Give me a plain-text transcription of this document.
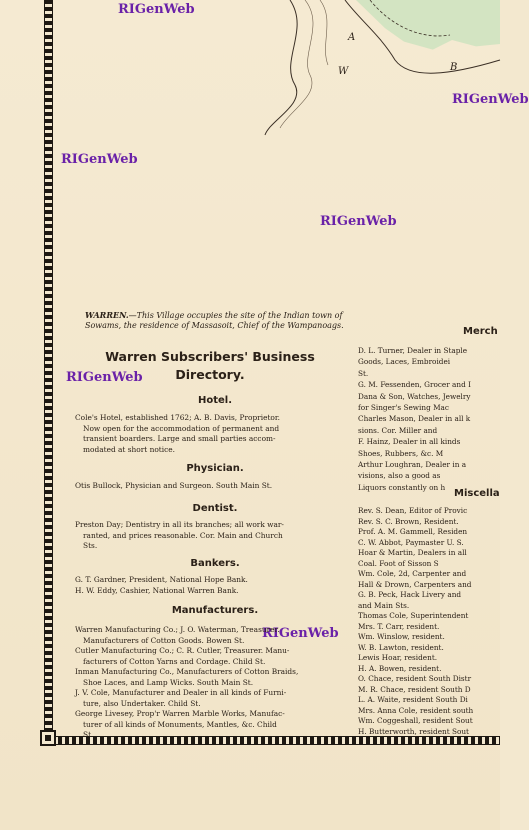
W
A
B
RIGenWeb
RIGenWeb
RIGenWeb
RIGenWeb
RIGenWeb
RIGenWeb
WARREN.—This Village occupies the site of the Indian town of Sowams, the residence of Massasoit, Chief of the Wampanoags.
Warren Subscribers' Business
Directory.
Hotel.
Cole's Hotel, established 1762; A. B. Davis, Proprietor.
Now open for the accommodation of permanent and
transient boarders. Large and small parties accom-
modated at short notice.
Physician.
Otis Bullock, Physician and Surgeon. South Main St.
Dentist.
Preston Day; Dentistry in all its branches; all work war-
ranted, and prices reasonable. Cor. Main and Church
Sts.
Bankers.
G. T. Gardner, President, National Hope Bank.
H. W. Eddy, Cashier, National Warren Bank.
Manufacturers.
Warren Manufacturing Co.; J. O. Waterman, Treasurer.
Manufacturers of Cotton Goods. Bowen St.
Cutler Manufacturing Co.; C. R. Cutler, Treasurer. Manu-
facturers of Cotton Yarns and Cordage. Child St.
Inman Manufacturing Co., Manufacturers of Cotton Braids,
Shoe Laces, and Lamp Wicks. South Main St.
J. V. Cole, Manufacturer and Dealer in all kinds of Furni-
ture, also Undertaker. Child St.
George Livesey, Prop'r Warren Marble Works, Manufac-
turer of all kinds of Monuments, Mantles, &c. Child
St.
Merch
D. L. Turner, Dealer in Staple
Goods, Laces, Embroidei
St.
G. M. Fessenden, Grocer and I
Dana & Son, Watches, Jewelry
for Singer's Sewing Mac
Charles Mason, Dealer in all k
sions. Cor. Miller and
F. Hainz, Dealer in all kinds
Shoes, Rubbers, &c. M
Arthur Loughran, Dealer in a
visions, also a good as
Liquors constantly on h
Miscella
Rev. S. Dean, Editor of Provic
Rev. S. C. Brown, Resident.
Prof. A. M. Gammell, Residen
C. W. Abbot, Paymaster U. S.
Hoar & Martin, Dealers in all
Coal. Foot of Sisson S
Wm. Cole, 2d, Carpenter and
Hall & Drown, Carpenters and
G. B. Peck, Hack Livery and
and Main Sts.
Thomas Cole, Superintendent
Mrs. T. Carr, resident.
Wm. Winslow, resident.
W. B. Lawton, resident.
Lewis Hoar, resident.
H. A. Bowen, resident.
O. Chace, resident South Distr
M. R. Chace, resident South D
L. A. Waite, resident South Di
Mrs. Anna Cole, resident south
Wm. Coggeshall, resident Sout
H. Butterworth, resident Sout
